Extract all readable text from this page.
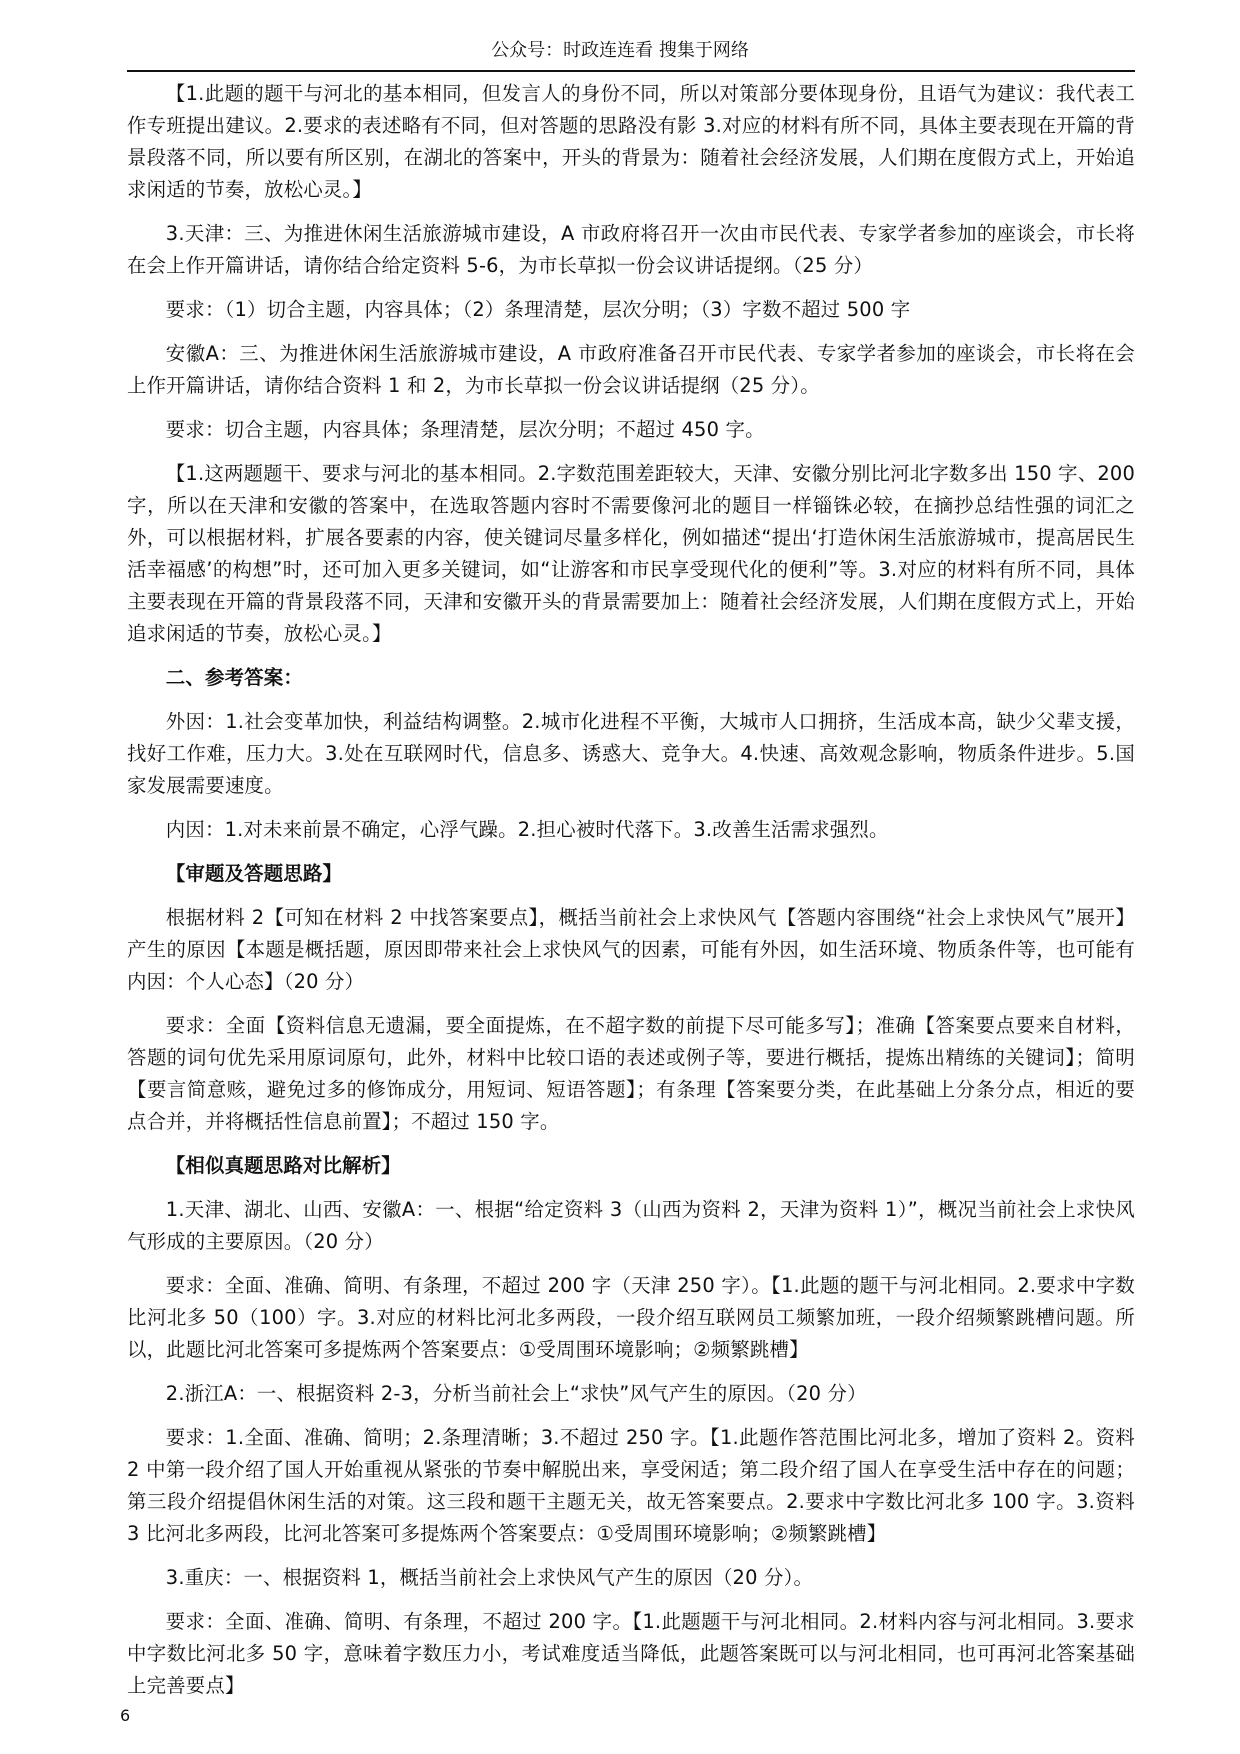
公众号：时政连连看 搜集于网络

【1.此题的题干与河北的基本相同，但发言人的身份不同，所以对策部分要体现身份，且语气为建议：我代表工作专班提出建议。2.要求的表述略有不同，但对答题的思路没有影 3.对应的材料有所不同，具体主要表现在开篇的背景段落不同，所以要有所区别，在湖北的答案中，开头的背景为：随着社会经济发展，人们期在度假方式上，开始追求闲适的节奏，放松心灵。】

3.天津：三、为推进休闲生活旅游城市建设，A 市政府将召开一次由市民代表、专家学者参加的座谈会，市长将在会上作开篇讲话，请你结合给定资料 5-6，为市长草拟一份会议讲话提纲。（25 分）

要求：（1）切合主题，内容具体；（2）条理清楚，层次分明；（3）字数不超过 500 字

安徽A：三、为推进休闲生活旅游城市建设，A 市政府准备召开市民代表、专家学者参加的座谈会，市长将在会上作开篇讲话，请你结合资料 1 和 2，为市长草拟一份会议讲话提纲（25 分）。

要求：切合主题，内容具体；条理清楚，层次分明；不超过 450 字。

【1.这两题题干、要求与河北的基本相同。2.字数范围差距较大，天津、安徽分别比河北字数多出 150 字、200 字，所以在天津和安徽的答案中，在选取答题内容时不需要像河北的题目一样锱铢必较，在摘抄总结性强的词汇之外，可以根据材料，扩展各要素的内容，使关键词尽量多样化，例如描述“提出‘打造休闲生活旅游城市，提高居民生活幸福感’的构想”时，还可加入更多关键词，如“让游客和市民享受现代化的便利”等。3.对应的材料有所不同，具体主要表现在开篇的背景段落不同，天津和安徽开头的背景需要加上：随着社会经济发展，人们期在度假方式上，开始追求闲适的节奏，放松心灵。】

二、参考答案：

外因：1.社会变革加快，利益结构调整。2.城市化进程不平衡，大城市人口拥挤，生活成本高，缺少父辈支援，找好工作难，压力大。3.处在互联网时代，信息多、诱惑大、竞争大。4.快速、高效观念影响，物质条件进步。5.国家发展需要速度。

内因：1.对未来前景不确定，心浮气躁。2.担心被时代落下。3.改善生活需求强烈。

【审题及答题思路】

根据材料 2【可知在材料 2 中找答案要点】，概括当前社会上求快风气【答题内容围绕“社会上求快风气”展开】产生的原因【本题是概括题，原因即带来社会上求快风气的因素，可能有外因，如生活环境、物质条件等，也可能有内因：个人心态】（20 分）

要求：全面【资料信息无遗漏，要全面提炼，在不超字数的前提下尽可能多写】；准确【答案要点要来自材料，答题的词句优先采用原词原句，此外，材料中比较口语的表述或例子等，要进行概括，提炼出精练的关键词】；简明【要言简意赅，避免过多的修饰成分，用短词、短语答题】；有条理【答案要分类，在此基础上分条分点，相近的要点合并，并将概括性信息前置】；不超过 150 字。

【相似真题思路对比解析】

1.天津、湖北、山西、安徽A：一、根据“给定资料 3（山西为资料 2，天津为资料 1）”，概况当前社会上求快风气形成的主要原因。（20 分）

要求：全面、准确、简明、有条理，不超过 200 字（天津 250 字）。【1.此题的题干与河北相同。2.要求中字数比河北多 50（100）字。3.对应的材料比河北多两段，一段介绍互联网员工频繁加班，一段介绍频繁跳槽问题。所以，此题比河北答案可多提炼两个答案要点：①受周围环境影响；②频繁跳槽】

2.浙江A：一、根据资料 2-3，分析当前社会上“求快”风气产生的原因。（20 分）

要求：1.全面、准确、简明；2.条理清晰；3.不超过 250 字。【1.此题作答范围比河北多，增加了资料 2。资料 2 中第一段介绍了国人开始重视从紧张的节奏中解脱出来，享受闲适；第二段介绍了国人在享受生活中存在的问题；第三段介绍提倡休闲生活的对策。这三段和题干主题无关，故无答案要点。2.要求中字数比河北多 100 字。3.资料 3 比河北多两段，比河北答案可多提炼两个答案要点：①受周围环境影响；②频繁跳槽】

3.重庆：一、根据资料 1，概括当前社会上求快风气产生的原因（20 分）。

要求：全面、准确、简明、有条理，不超过 200 字。【1.此题题干与河北相同。2.材料内容与河北相同。3.要求中字数比河北多 50 字，意味着字数压力小，考试难度适当降低，此题答案既可以与河北相同，也可再河北答案基础上完善要点】

6
